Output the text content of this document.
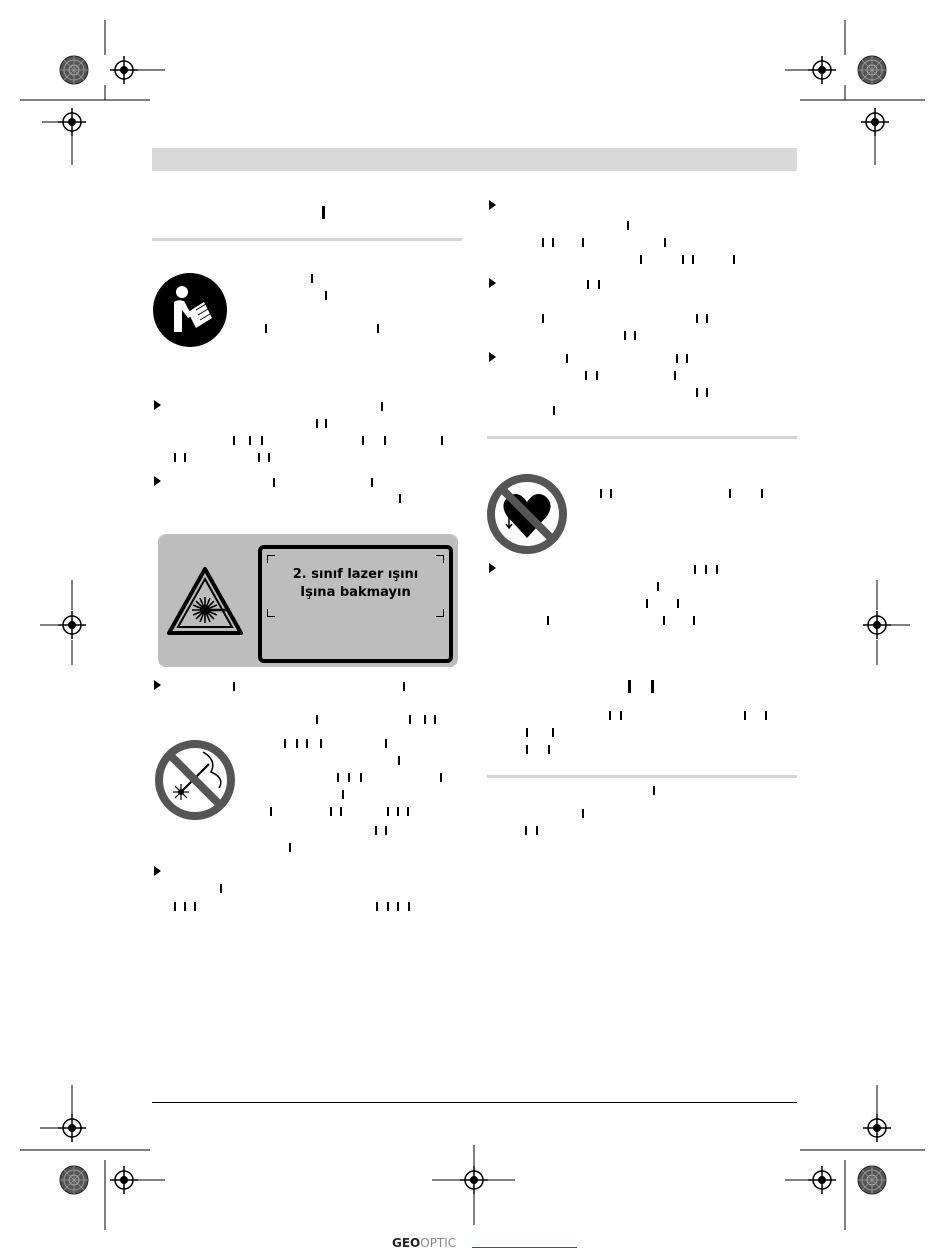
2. sınıf lazer ışını
Işına bakmayın
GEOOPTIC
